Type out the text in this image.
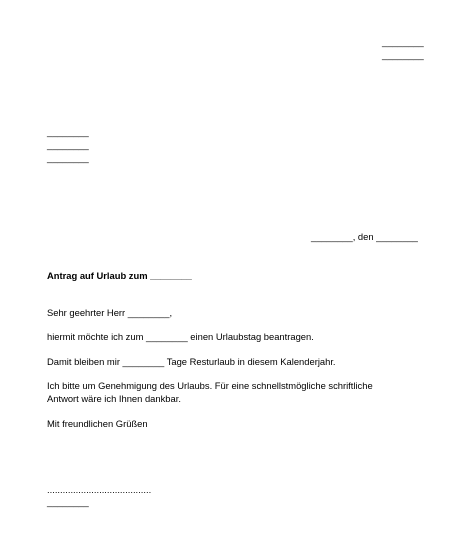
________
________
________
________
________
________, den ________
Antrag auf Urlaub zum ________
Sehr geehrter Herr ________,
hiermit möchte ich zum ________ einen Urlaubstag beantragen.
Damit bleiben mir ________ Tage Resturlaub in diesem Kalenderjahr.
Ich bitte um Genehmigung des Urlaubs. Für eine schnellstmögliche schriftliche
Antwort wäre ich Ihnen dankbar.
Mit freundlichen Grüßen
........................................
________
